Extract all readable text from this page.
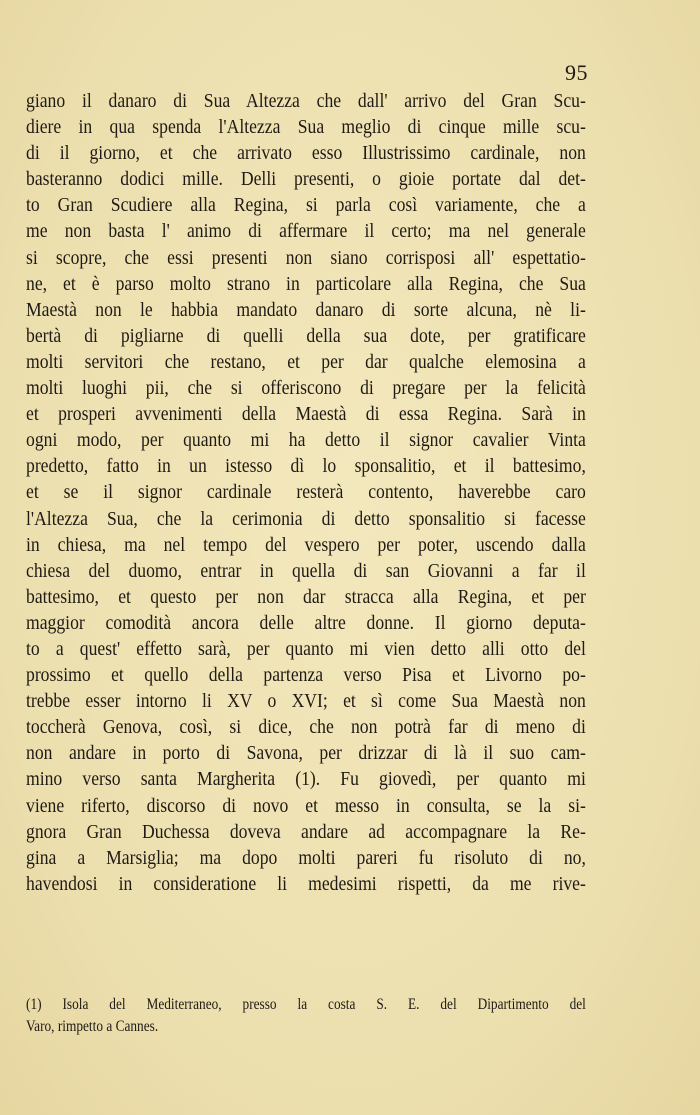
95
giano il danaro di Sua Altezza che dall' arrivo del Gran Scu-
diere in qua spenda l'Altezza Sua meglio di cinque mille scu-
di il giorno, et che arrivato esso Illustrissimo cardinale, non
basteranno dodici mille. Delli presenti, o gioie portate dal det-
to Gran Scudiere alla Regina, si parla così variamente, che a
me non basta l' animo di affermare il certo; ma nel generale
si scopre, che essi presenti non siano corrisposi all' espettatio-
ne, et è parso molto strano in particolare alla Regina, che Sua
Maestà non le habbia mandato danaro di sorte alcuna, nè li-
bertà di pigliarne di quelli della sua dote, per gratificare
molti servitori che restano, et per dar qualche elemosina a
molti luoghi pii, che si offeriscono di pregare per la felicità
et prosperi avvenimenti della Maestà di essa Regina. Sarà in
ogni modo, per quanto mi ha detto il signor cavalier Vinta
predetto, fatto in un istesso dì lo sponsalitio, et il battesimo,
et se il signor cardinale resterà contento, haverebbe caro
l'Altezza Sua, che la cerimonia di detto sponsalitio si facesse
in chiesa, ma nel tempo del vespero per poter, uscendo dalla
chiesa del duomo, entrar in quella di san Giovanni a far il
battesimo, et questo per non dar stracca alla Regina, et per
maggior comodità ancora delle altre donne. Il giorno deputa-
to a quest' effetto sarà, per quanto mi vien detto alli otto del
prossimo et quello della partenza verso Pisa et Livorno po-
trebbe esser intorno li XV o XVI; et sì come Sua Maestà non
toccherà Genova, così, si dice, che non potrà far di meno di
non andare in porto di Savona, per drizzar di là il suo cam-
mino verso santa Margherita (1). Fu giovedì, per quanto mi
viene riferto, discorso di novo et messo in consulta, se la si-
gnora Gran Duchessa doveva andare ad accompagnare la Re-
gina a Marsiglia; ma dopo molti pareri fu risoluto di no,
havendosi in consideratione li medesimi rispetti, da me rive-
(1) Isola del Mediterraneo, presso la costa S. E. del Dipartimento del
Varo, rimpetto a Cannes.
